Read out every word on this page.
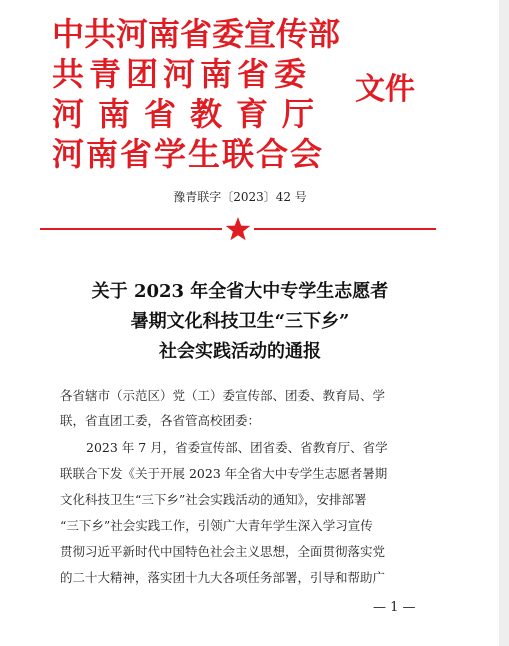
中共河南省委宣传部
共青团河南省委
河南省教育厅
河南省学生联合会
文件
豫青联字〔2023〕42 号
关于 2023 年全省大中专学生志愿者
暑期文化科技卫生“三下乡”
社会实践活动的通报
各省辖市（示范区）党（工）委宣传部、团委、教育局、学
联，省直团工委，各省管高校团委：
2023 年 7 月，省委宣传部、团省委、省教育厅、省学
联联合下发《关于开展 2023 年全省大中专学生志愿者暑期
文化科技卫生“三下乡”社会实践活动的通知》，安排部署
“三下乡”社会实践工作，引领广大青年学生深入学习宣传
贯彻习近平新时代中国特色社会主义思想，全面贯彻落实党
的二十大精神，落实团十九大各项任务部署，引导和帮助广
— 1 —
